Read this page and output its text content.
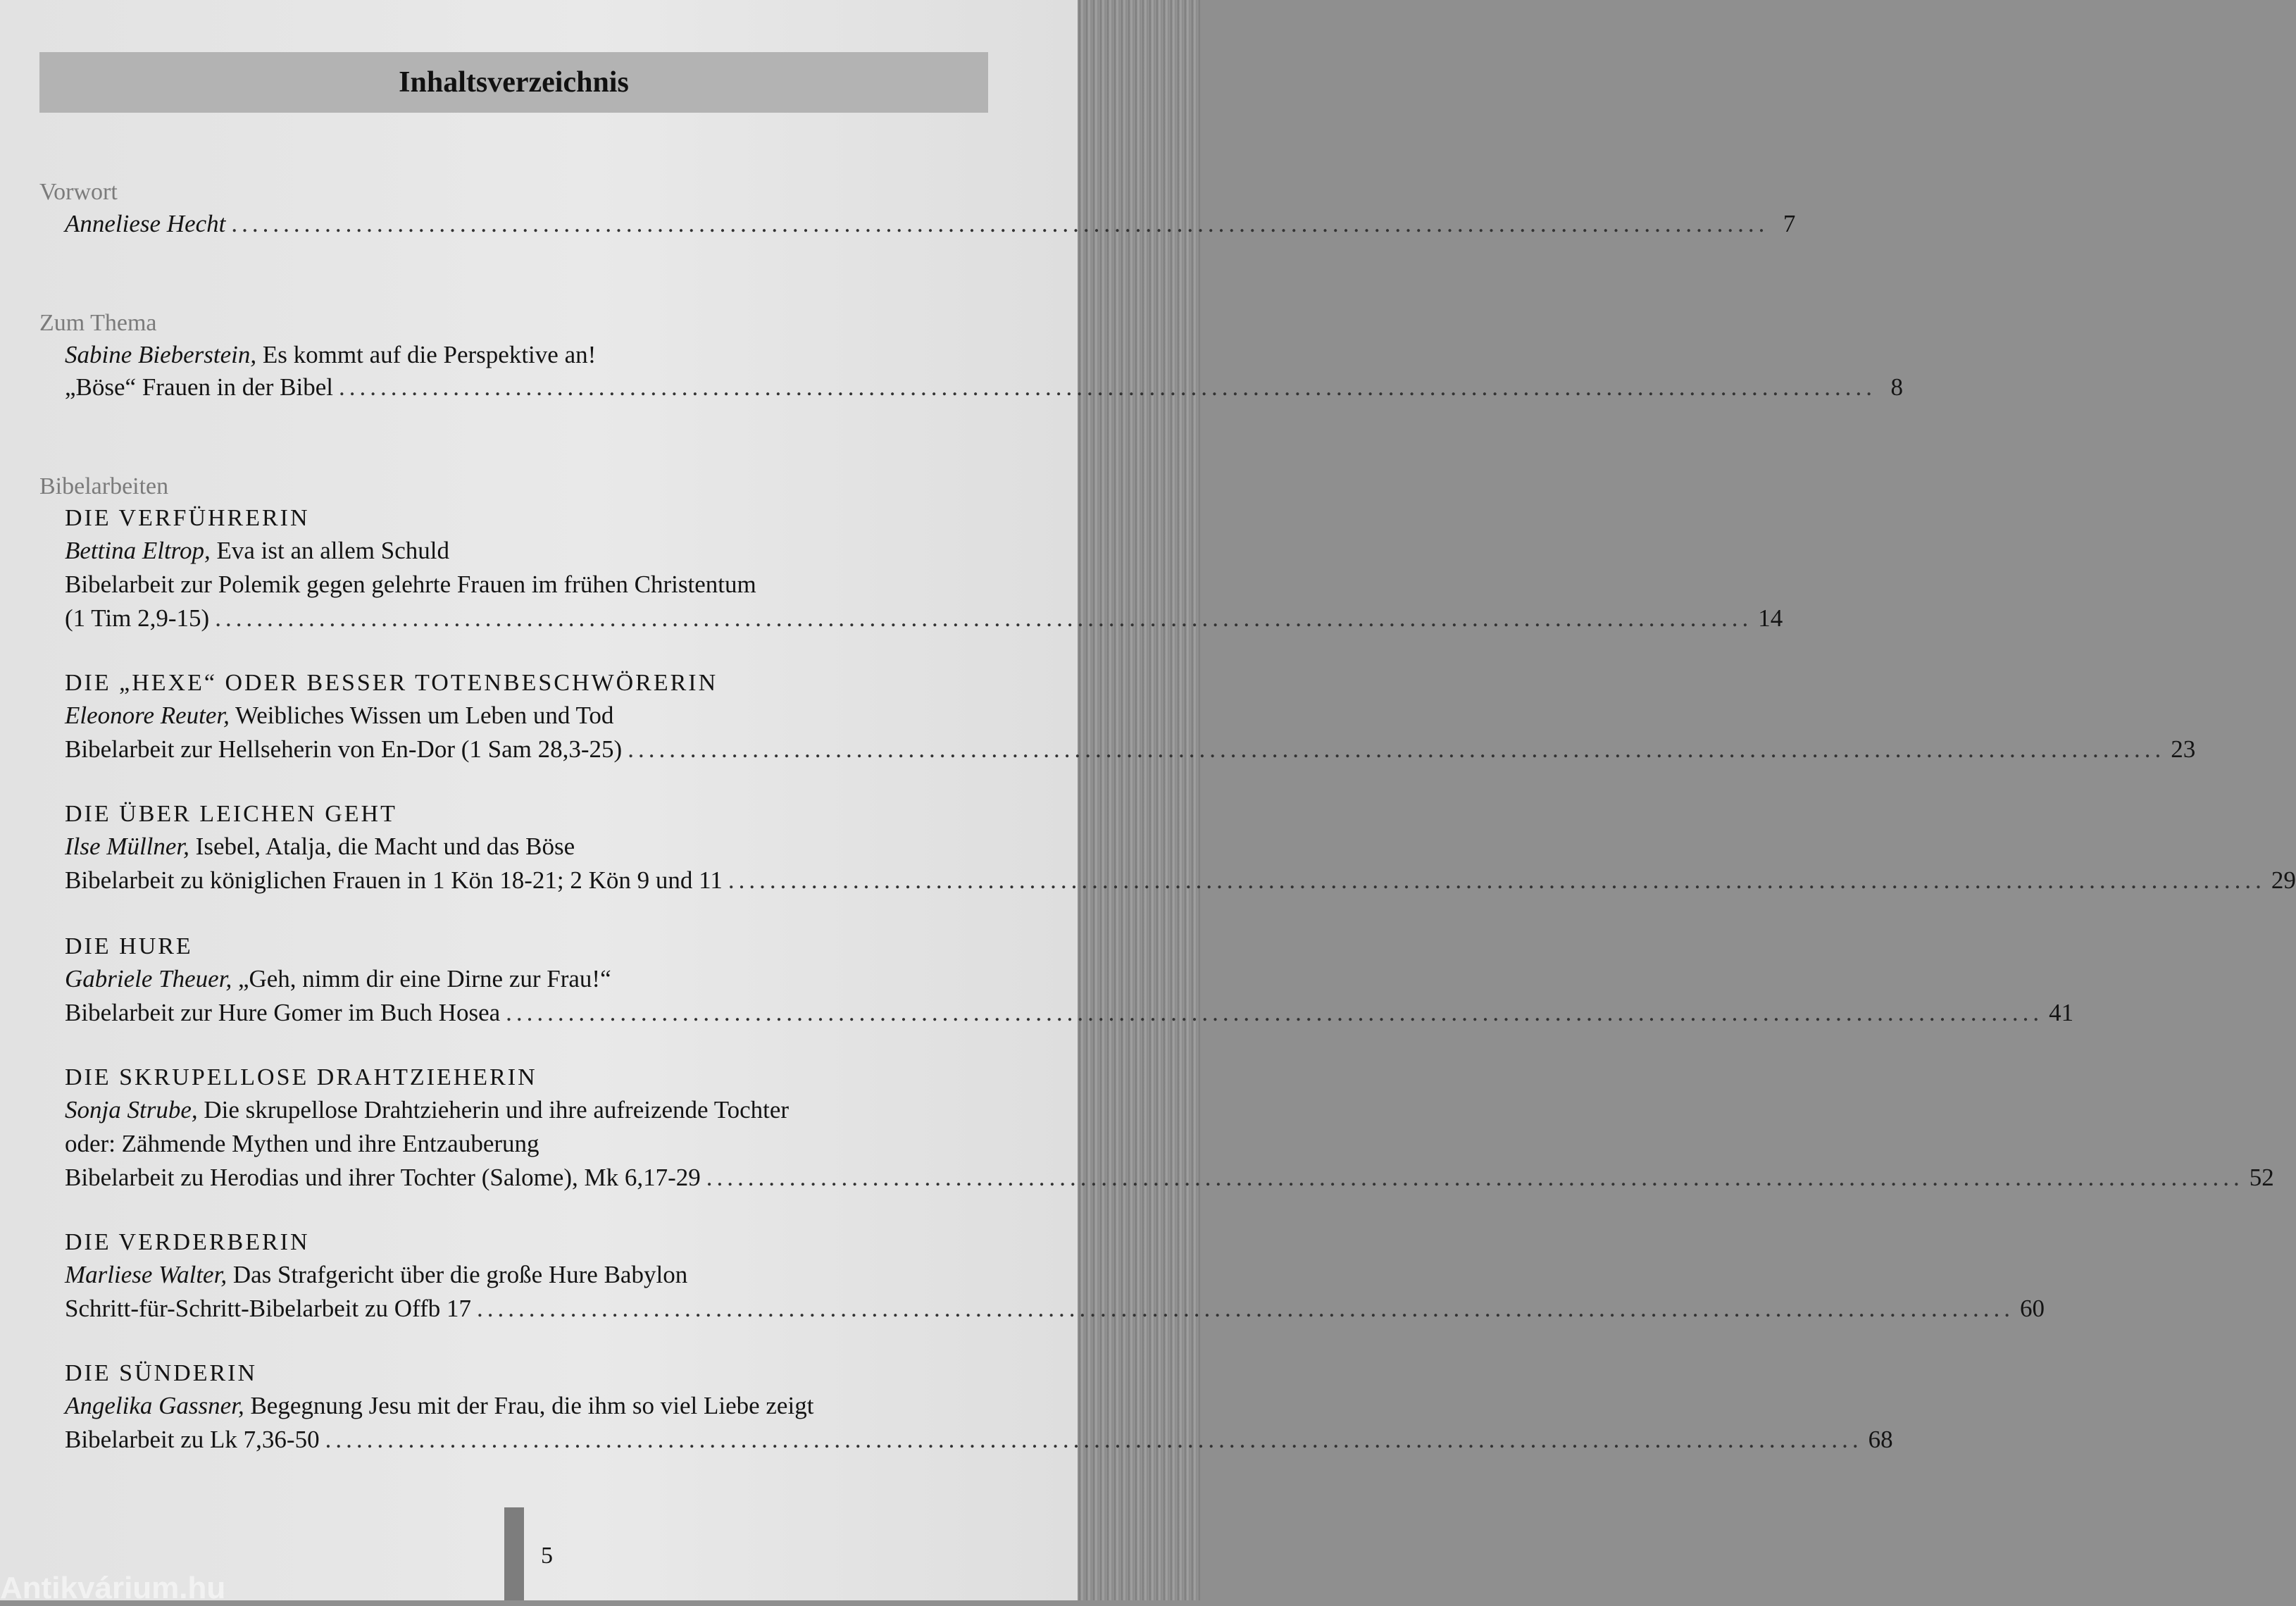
Inhaltsverzeichnis
Vorwort
Anneliese Hecht .................................................................................................................................................... 7
Zum Thema
Sabine Bieberstein, Es kommt auf die Perspektive an!
„Böse“ Frauen in der Bibel .................................................................................................................................................... 8
Bibelarbeiten
DIE VERFÜHRERIN
Bettina Eltrop, Eva ist an allem Schuld
Bibelarbeit zur Polemik gegen gelehrte Frauen im frühen Christentum
(1 Tim 2,9-15) .................................................................................................................................................... 14
DIE „HEXE“ ODER BESSER TOTENBESCHWÖRERIN
Eleonore Reuter, Weibliches Wissen um Leben und Tod
Bibelarbeit zur Hellseherin von En-Dor (1 Sam 28,3-25) .................................................................................................................................................... 23
DIE ÜBER LEICHEN GEHT
Ilse Müllner, Isebel, Atalja, die Macht und das Böse
Bibelarbeit zu königlichen Frauen in 1 Kön 18-21; 2 Kön 9 und 11 .................................................................................................................................................... 29
DIE HURE
Gabriele Theuer, „Geh, nimm dir eine Dirne zur Frau!“
Bibelarbeit zur Hure Gomer im Buch Hosea .................................................................................................................................................... 41
DIE SKRUPELLOSE DRAHTZIEHERIN
Sonja Strube, Die skrupellose Drahtzieherin und ihre aufreizende Tochter
oder: Zähmende Mythen und ihre Entzauberung
Bibelarbeit zu Herodias und ihrer Tochter (Salome), Mk 6,17-29 .................................................................................................................................................... 52
DIE VERDERBERIN
Marliese Walter, Das Strafgericht über die große Hure Babylon
Schritt-für-Schritt-Bibelarbeit zu Offb 17 .................................................................................................................................................... 60
DIE SÜNDERIN
Angelika Gassner, Begegnung Jesu mit der Frau, die ihm so viel Liebe zeigt
Bibelarbeit zu Lk 7,36-50 .................................................................................................................................................... 68
5
Antikvárium.hu
